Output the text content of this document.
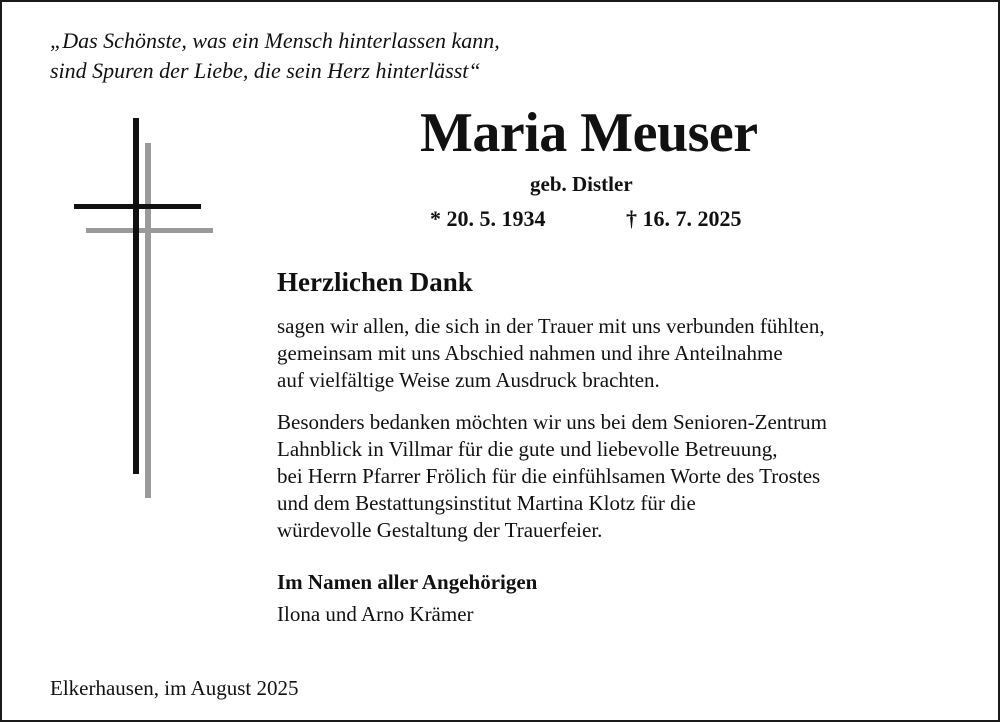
„Das Schönste, was ein Mensch hinterlassen kann,
sind Spuren der Liebe, die sein Herz hinterlässt“
Maria Meuser
geb. Distler
* 20. 5. 1934	† 16. 7. 2025
Herzlichen Dank
sagen wir allen, die sich in der Trauer mit uns verbunden fühlten,
gemeinsam mit uns Abschied nahmen und ihre Anteilnahme
auf vielfältige Weise zum Ausdruck brachten.
Besonders bedanken möchten wir uns bei dem Senioren-Zentrum
Lahnblick in Villmar für die gute und liebevolle Betreuung,
bei Herrn Pfarrer Frölich für die einfühlsamen Worte des Trostes
und dem Bestattungsinstitut Martina Klotz für die
würdevolle Gestaltung der Trauerfeier.
Im Namen aller Angehörigen
Ilona und Arno Krämer
Elkerhausen, im August 2025
